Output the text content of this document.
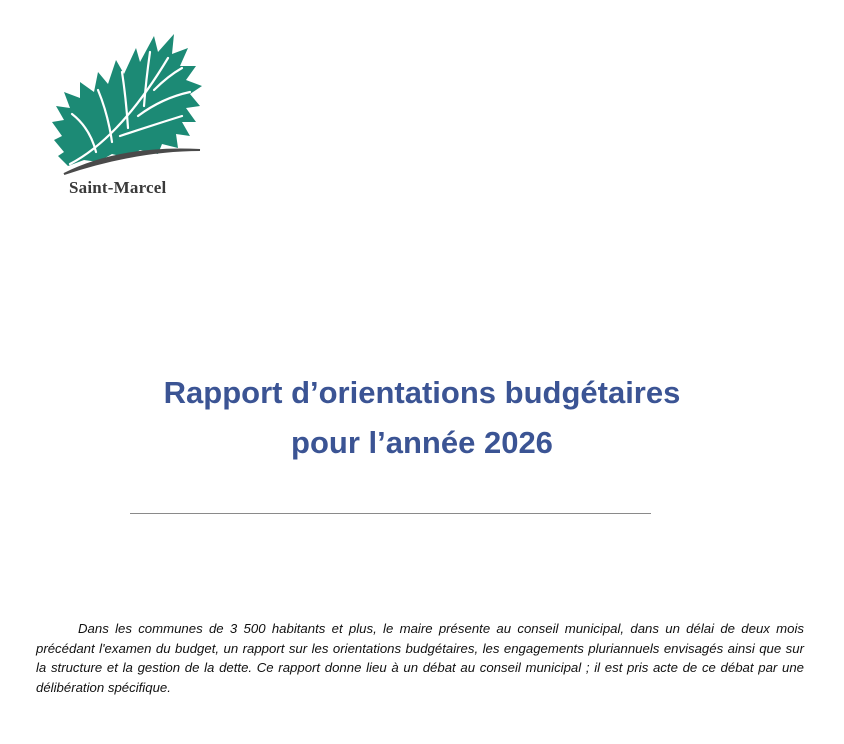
Saint-Marcel
Rapport d’orientations budgétaires
pour l’année 2026

Dans les communes de 3 500 habitants et plus, le maire présente au conseil municipal, dans un délai de deux mois précédant l'examen du budget, un rapport sur les orientations budgétaires, les engagements pluriannuels envisagés ainsi que sur la structure et la gestion de la dette. Ce rapport donne lieu à un débat au conseil municipal ; il est pris acte de ce débat par une délibération spécifique.
